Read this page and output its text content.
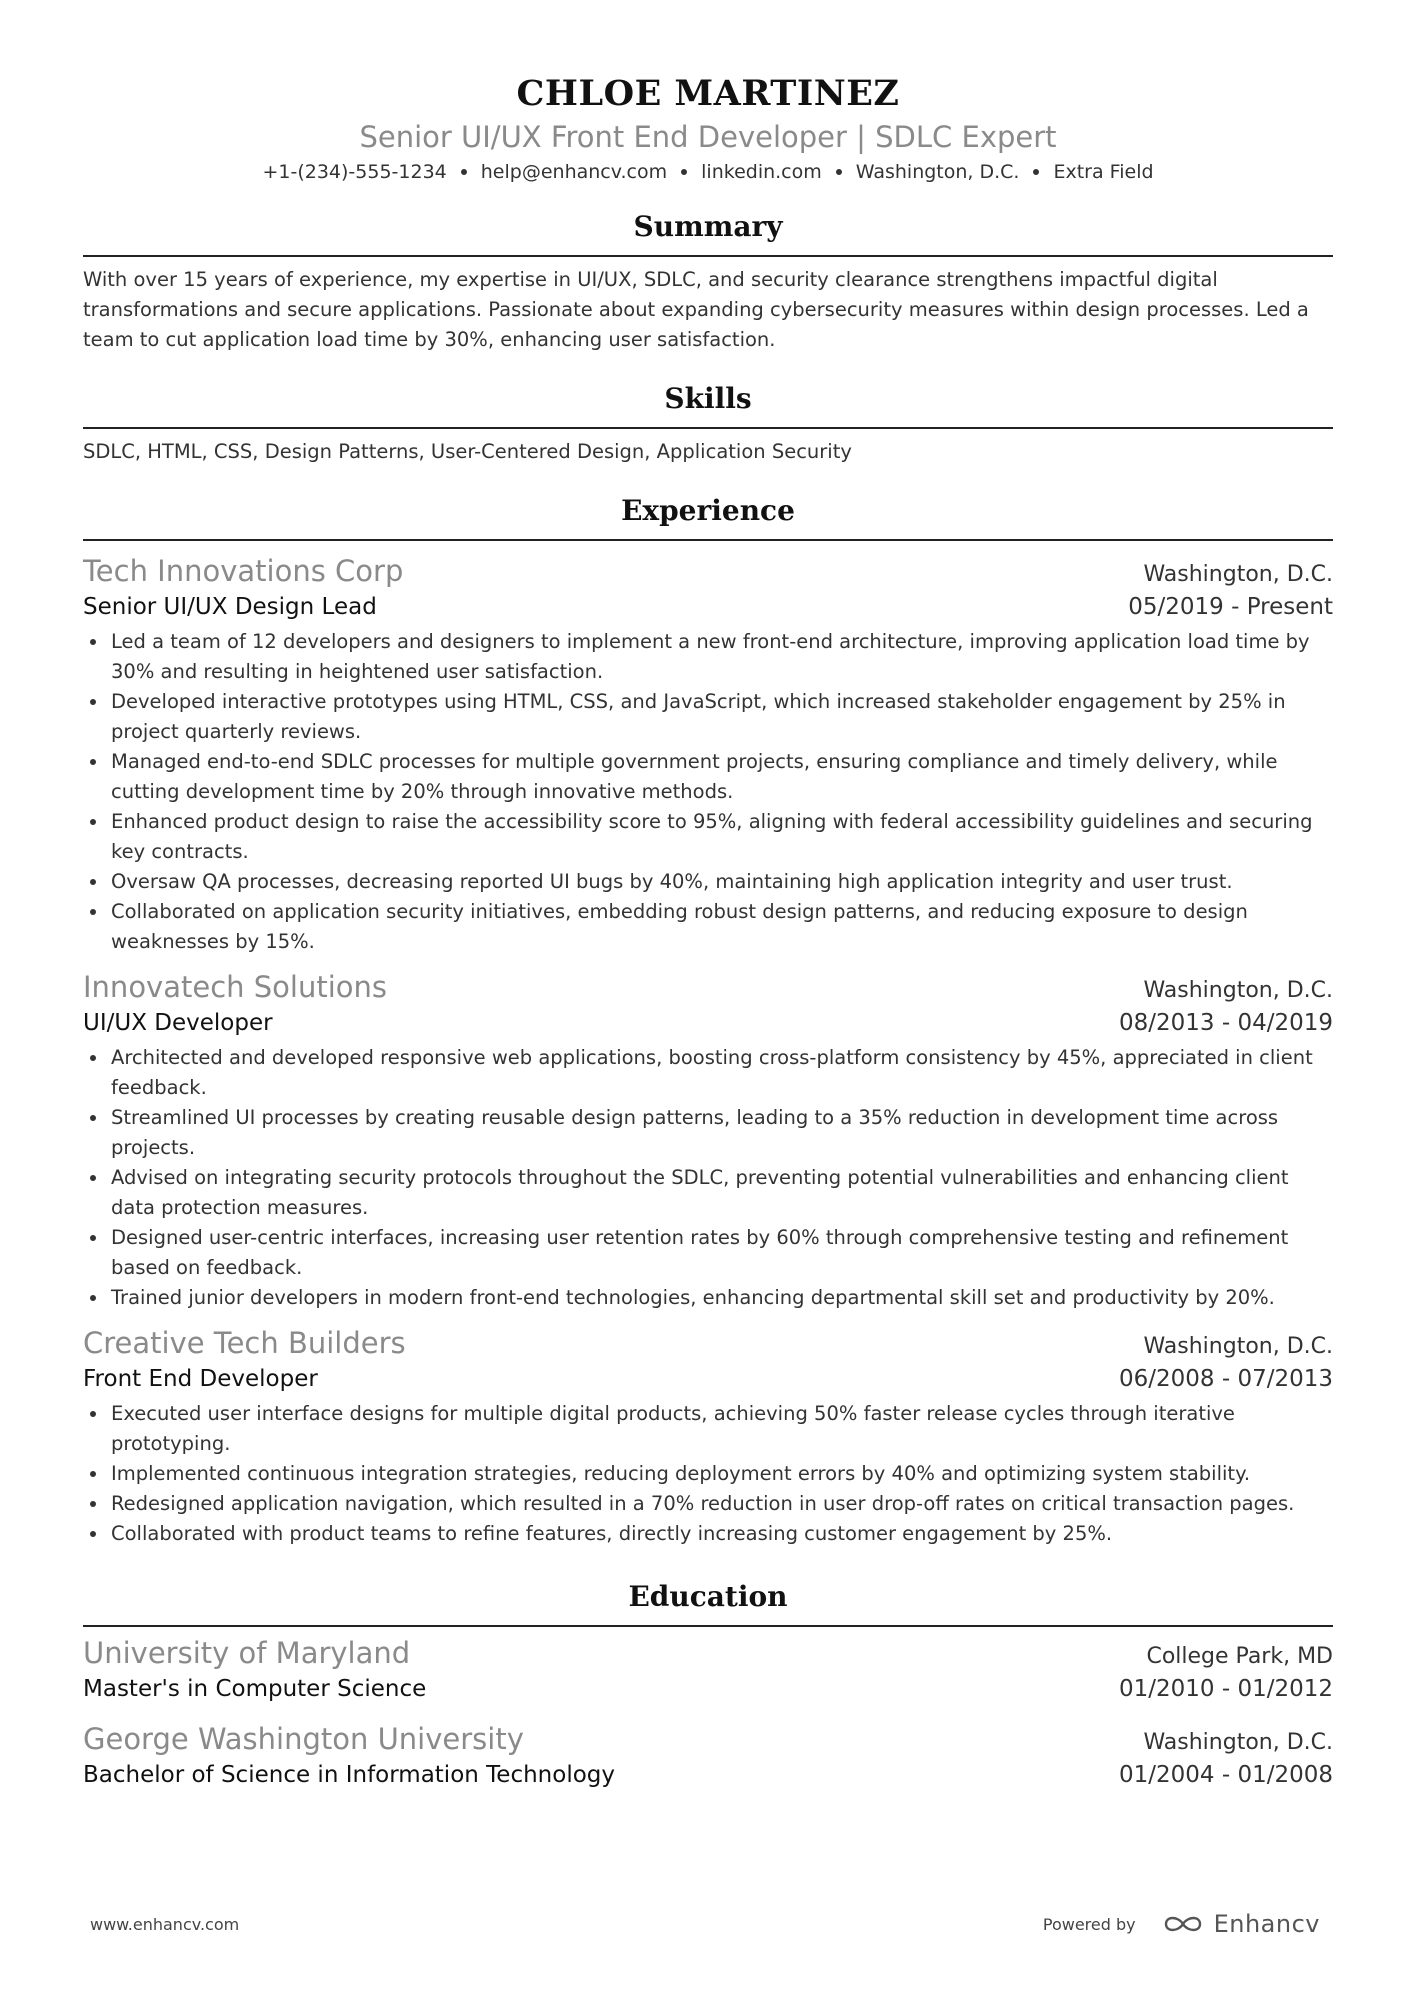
CHLOE MARTINEZ
Senior UI/UX Front End Developer | SDLC Expert
+1-(234)-555-1234 help@enhancv.com linkedin.com Washington, D.C. Extra Field
Summary
With over 15 years of experience, my expertise in UI/UX, SDLC, and security clearance strengthens impactful digital transformations and secure applications. Passionate about expanding cybersecurity measures within design processes. Led a team to cut application load time by 30%, enhancing user satisfaction.
Skills
SDLC, HTML, CSS, Design Patterns, User-Centered Design, Application Security
Experience
Tech Innovations Corp	Washington, D.C.
Senior UI/UX Design Lead	05/2019 - Present
Led a team of 12 developers and designers to implement a new front-end architecture, improving application load time by 30% and resulting in heightened user satisfaction.
Developed interactive prototypes using HTML, CSS, and JavaScript, which increased stakeholder engagement by 25% in project quarterly reviews.
Managed end-to-end SDLC processes for multiple government projects, ensuring compliance and timely delivery, while cutting development time by 20% through innovative methods.
Enhanced product design to raise the accessibility score to 95%, aligning with federal accessibility guidelines and securing key contracts.
Oversaw QA processes, decreasing reported UI bugs by 40%, maintaining high application integrity and user trust.
Collaborated on application security initiatives, embedding robust design patterns, and reducing exposure to design weaknesses by 15%.
Innovatech Solutions	Washington, D.C.
UI/UX Developer	08/2013 - 04/2019
Architected and developed responsive web applications, boosting cross-platform consistency by 45%, appreciated in client feedback.
Streamlined UI processes by creating reusable design patterns, leading to a 35% reduction in development time across projects.
Advised on integrating security protocols throughout the SDLC, preventing potential vulnerabilities and enhancing client data protection measures.
Designed user-centric interfaces, increasing user retention rates by 60% through comprehensive testing and refinement based on feedback.
Trained junior developers in modern front-end technologies, enhancing departmental skill set and productivity by 20%.
Creative Tech Builders	Washington, D.C.
Front End Developer	06/2008 - 07/2013
Executed user interface designs for multiple digital products, achieving 50% faster release cycles through iterative prototyping.
Implemented continuous integration strategies, reducing deployment errors by 40% and optimizing system stability.
Redesigned application navigation, which resulted in a 70% reduction in user drop-off rates on critical transaction pages.
Collaborated with product teams to refine features, directly increasing customer engagement by 25%.
Education
University of Maryland	College Park, MD
Master's in Computer Science	01/2010 - 01/2012
George Washington University	Washington, D.C.
Bachelor of Science in Information Technology	01/2004 - 01/2008
www.enhancv.com	Powered by	Enhancv
